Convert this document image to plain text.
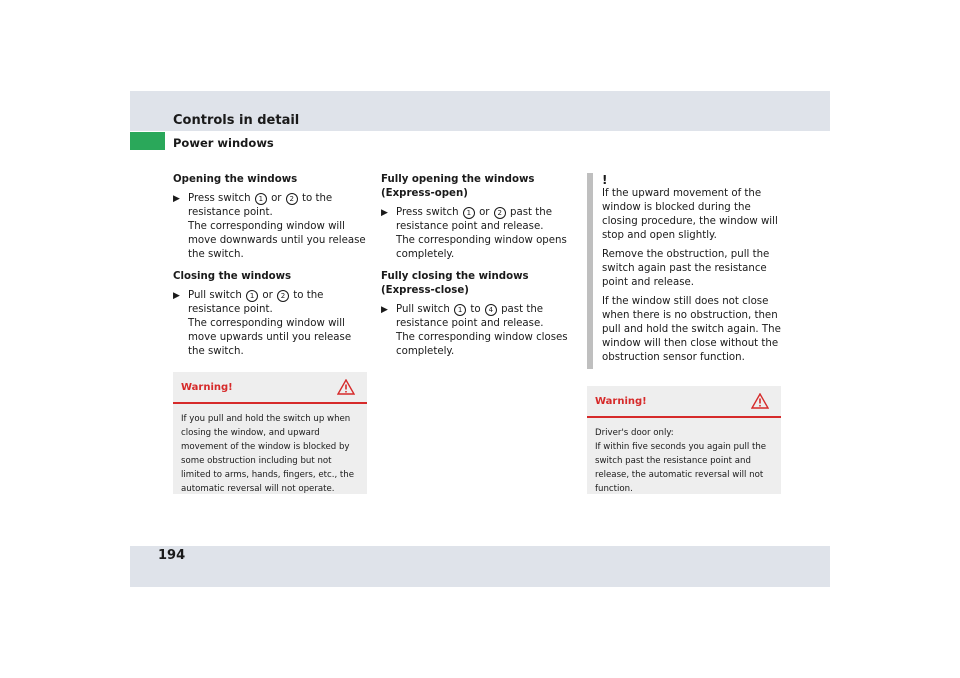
Controls in detail
Power windows

Opening the windows

▶ Press switch 1 or 2 to the resistance point.

The corresponding window will move downwards until you release the switch.

Closing the windows

▶ Pull switch 1 or 2 to the resistance point.

The corresponding window will move upwards until you release the switch.

Warning!

If you pull and hold the switch up when closing the window, and upward movement of the window is blocked by some obstruction including but not limited to arms, hands, fingers, etc., the automatic reversal will not operate.

Fully opening the windows (Express-open)

▶ Press switch 1 or 2 past the resistance point and release.

The corresponding window opens completely.

Fully closing the windows (Express-close)

▶ Pull switch 1 to 4 past the resistance point and release.

The corresponding window closes completely.

!

If the upward movement of the window is blocked during the closing procedure, the window will stop and open slightly.

Remove the obstruction, pull the switch again past the resistance point and release.

If the window still does not close when there is no obstruction, then pull and hold the switch again. The window will then close without the obstruction sensor function.

Warning!

Driver's door only:

If within five seconds you again pull the switch past the resistance point and release, the automatic reversal will not function.

194
